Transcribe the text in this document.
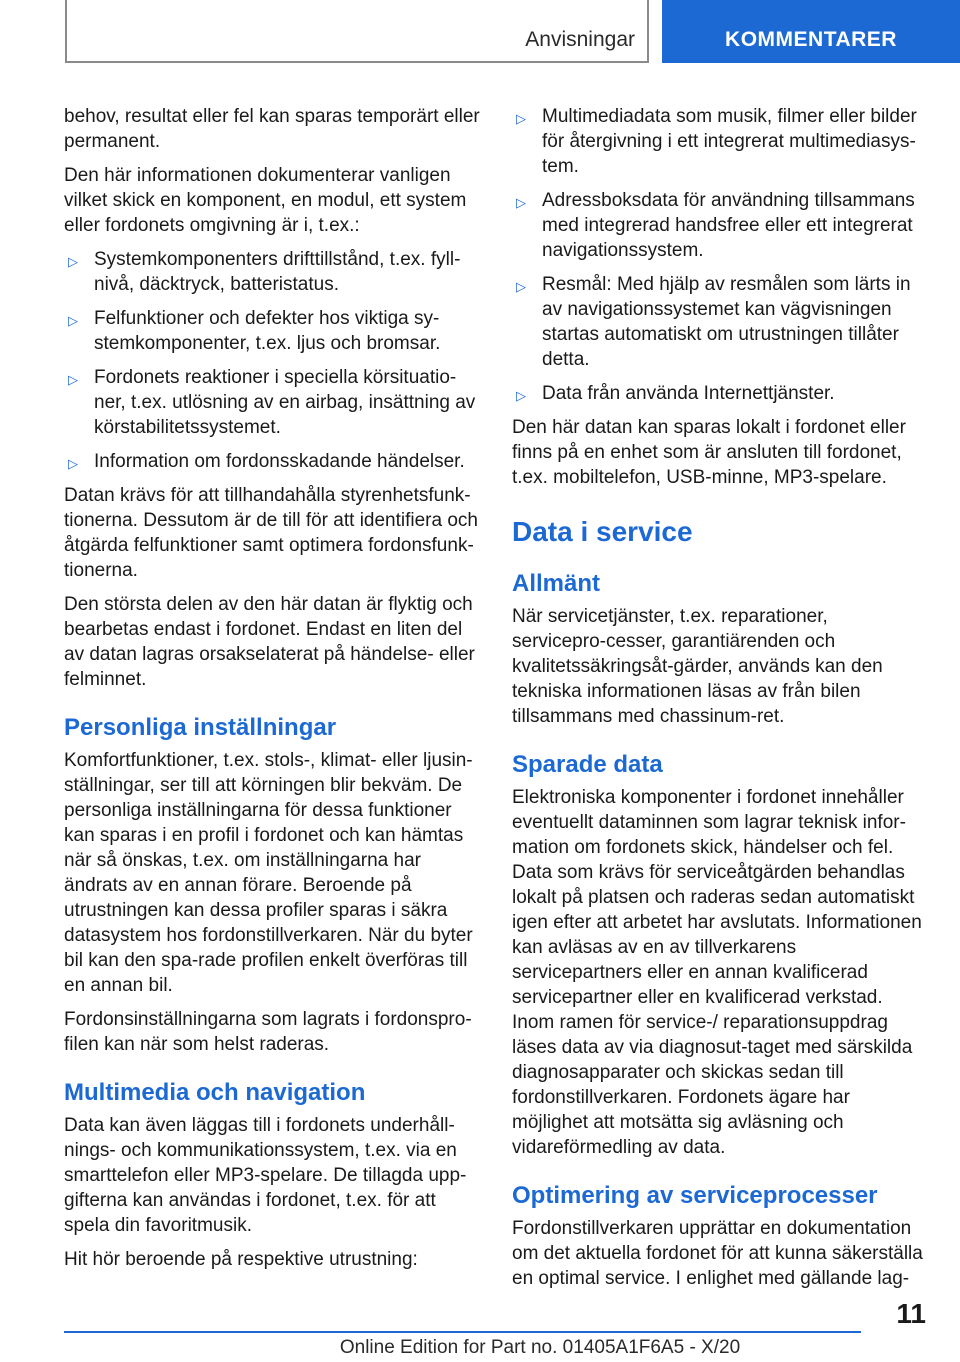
Anvisningar	KOMMENTARER

behov, resultat eller fel kan sparas temporärt eller permanent.

Den här informationen dokumenterar vanligen vilket skick en komponent, en modul, ett system eller fordonets omgivning är i, t.ex.:

▷ Systemkomponenters drifttillstånd, t.ex. fyll-nivå, däcktryck, batteristatus.
▷ Felfunktioner och defekter hos viktiga sy-stemkomponenter, t.ex. ljus och bromsar.
▷ Fordonets reaktioner i speciella körsituatio-ner, t.ex. utlösning av en airbag, insättning av körstabilitetssystemet.
▷ Information om fordonsskadande händelser.

Datan krävs för att tillhandahålla styrenhetsfunk-tionerna. Dessutom är de till för att identifiera och åtgärda felfunktioner samt optimera fordonsfunk-tionerna.

Den största delen av den här datan är flyktig och bearbetas endast i fordonet. Endast en liten del av datan lagras orsakselaterat på händelse- eller felminnet.

Personliga inställningar

Komfortfunktioner, t.ex. stols-, klimat- eller ljusin-ställningar, ser till att körningen blir bekväm. De personliga inställningarna för dessa funktioner kan sparas i en profil i fordonet och kan hämtas när så önskas, t.ex. om inställningarna har ändrats av en annan förare. Beroende på utrustningen kan dessa profiler sparas i säkra datasystem hos fordonstillverkaren. När du byter bil kan den spa-rade profilen enkelt överföras till en annan bil.

Fordonsinställningarna som lagrats i fordonspro-filen kan när som helst raderas.

Multimedia och navigation

Data kan även läggas till i fordonets underhåll-nings- och kommunikationssystem, t.ex. via en smarttelefon eller MP3-spelare. De tillagda upp-gifterna kan användas i fordonet, t.ex. för att spela din favoritmusik.

Hit hör beroende på respektive utrustning:

▷ Multimediadata som musik, filmer eller bilder för återgivning i ett integrerat multimediasys-tem.
▷ Adressboksdata för användning tillsammans med integrerad handsfree eller ett integrerat navigationssystem.
▷ Resmål: Med hjälp av resmålen som lärts in av navigationssystemet kan vägvisningen startas automatiskt om utrustningen tillåter detta.
▷ Data från använda Internettjänster.

Den här datan kan sparas lokalt i fordonet eller finns på en enhet som är ansluten till fordonet, t.ex. mobiltelefon, USB-minne, MP3-spelare.

Data i service
Allmänt

När servicetjänster, t.ex. reparationer, servicepro-cesser, garantiärenden och kvalitetssäkringsåt-gärder, används kan den tekniska informationen läsas av från bilen tillsammans med chassinum-ret.

Sparade data

Elektroniska komponenter i fordonet innehåller eventuellt dataminnen som lagrar teknisk infor-mation om fordonets skick, händelser och fel. Data som krävs för serviceåtgärden behandlas lokalt på platsen och raderas sedan automatiskt igen efter att arbetet har avslutats. Informationen kan avläsas av en av tillverkarens servicepartners eller en annan kvalificerad servicepartner eller en kvalificerad verkstad. Inom ramen för service-/ reparationsuppdrag läses data av via diagnosut-taget med särskilda diagnosapparater och skickas sedan till fordonstillverkaren. Fordonets ägare har möjlighet att motsätta sig avläsning och vidareförmedling av data.

Optimering av serviceprocesser

Fordonstillverkaren upprättar en dokumentation om det aktuella fordonet för att kunna säkerställa en optimal service. I enlighet med gällande lag-

11
Online Edition for Part no. 01405A1F6A5 - X/20
